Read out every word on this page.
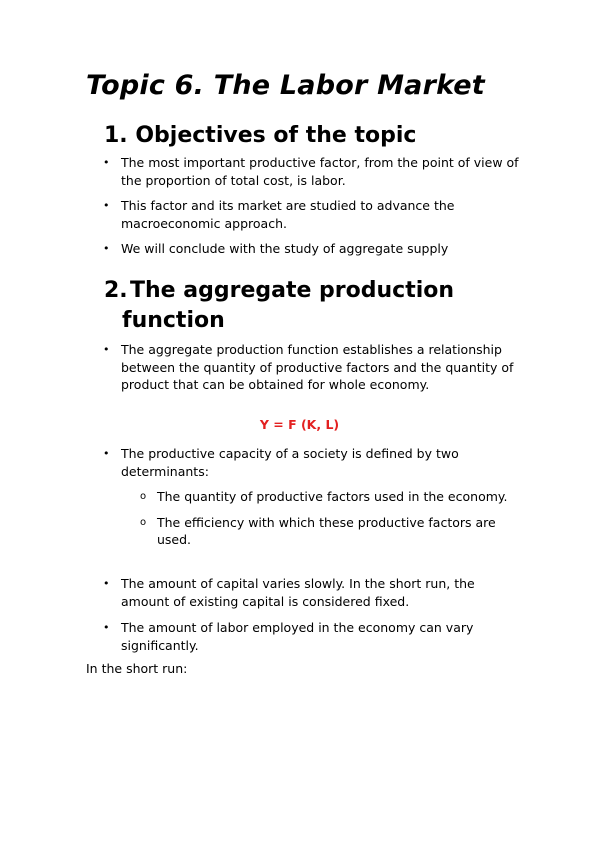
Topic 6. The Labor Market
1. Objectives of the topic
• The most important productive factor, from the point of view of the proportion of total cost, is labor.
• This factor and its market are studied to advance the macroeconomic approach.
• We will conclude with the study of aggregate supply
2. The aggregate production
function
• The aggregate production function establishes a relationship between the quantity of productive factors and the quantity of product that can be obtained for whole economy.
Y = F (K, L)
• The productive capacity of a society is defined by two determinants:
o The quantity of productive factors used in the economy.
o The efficiency with which these productive factors are used.
• The amount of capital varies slowly. In the short run, the amount of existing capital is considered fixed.
• The amount of labor employed in the economy can vary significantly.
In the short run:
